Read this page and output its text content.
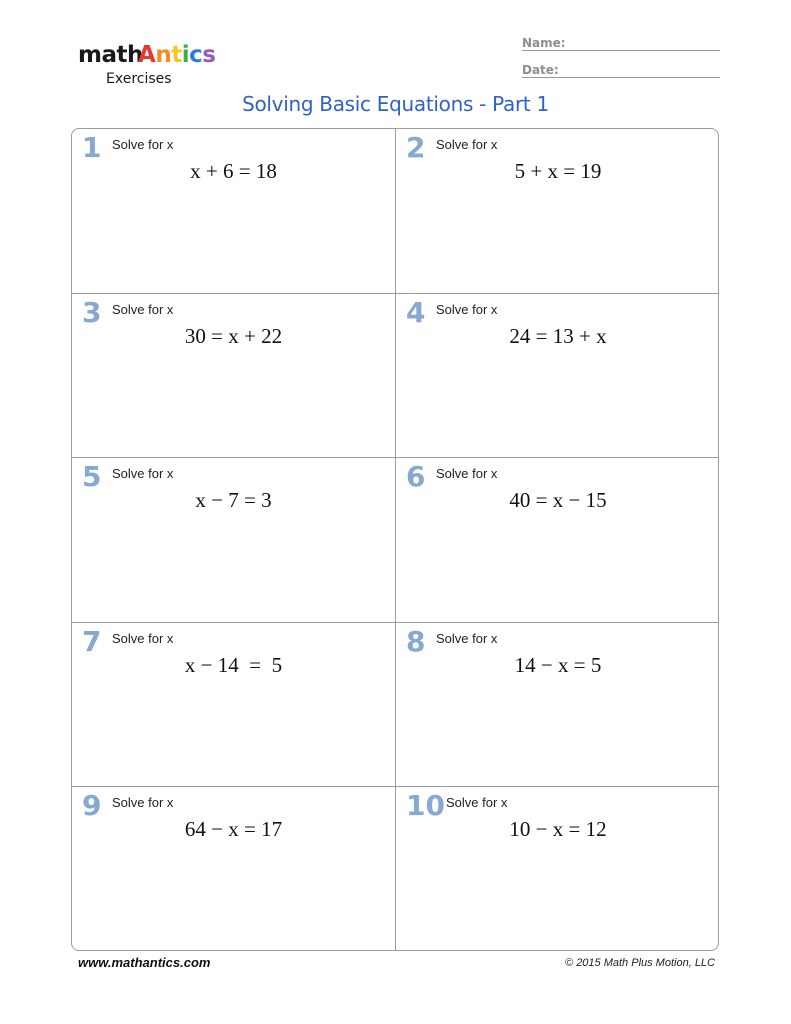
math
Antics
Exercises
Name:
Date:
Solving Basic Equations - Part 1
1 Solve for x
x + 6 = 18
2 Solve for x
5 + x = 19
3 Solve for x
30 = x + 22
4 Solve for x
24 = 13 + x
5 Solve for x
x − 7 = 3
6 Solve for x
40 = x − 15
7 Solve for x
x − 14  =  5
8 Solve for x
14 − x = 5
9 Solve for x
64 − x = 17
10 Solve for x
10 − x = 12
www.mathantics.com	© 2015 Math Plus Motion, LLC
